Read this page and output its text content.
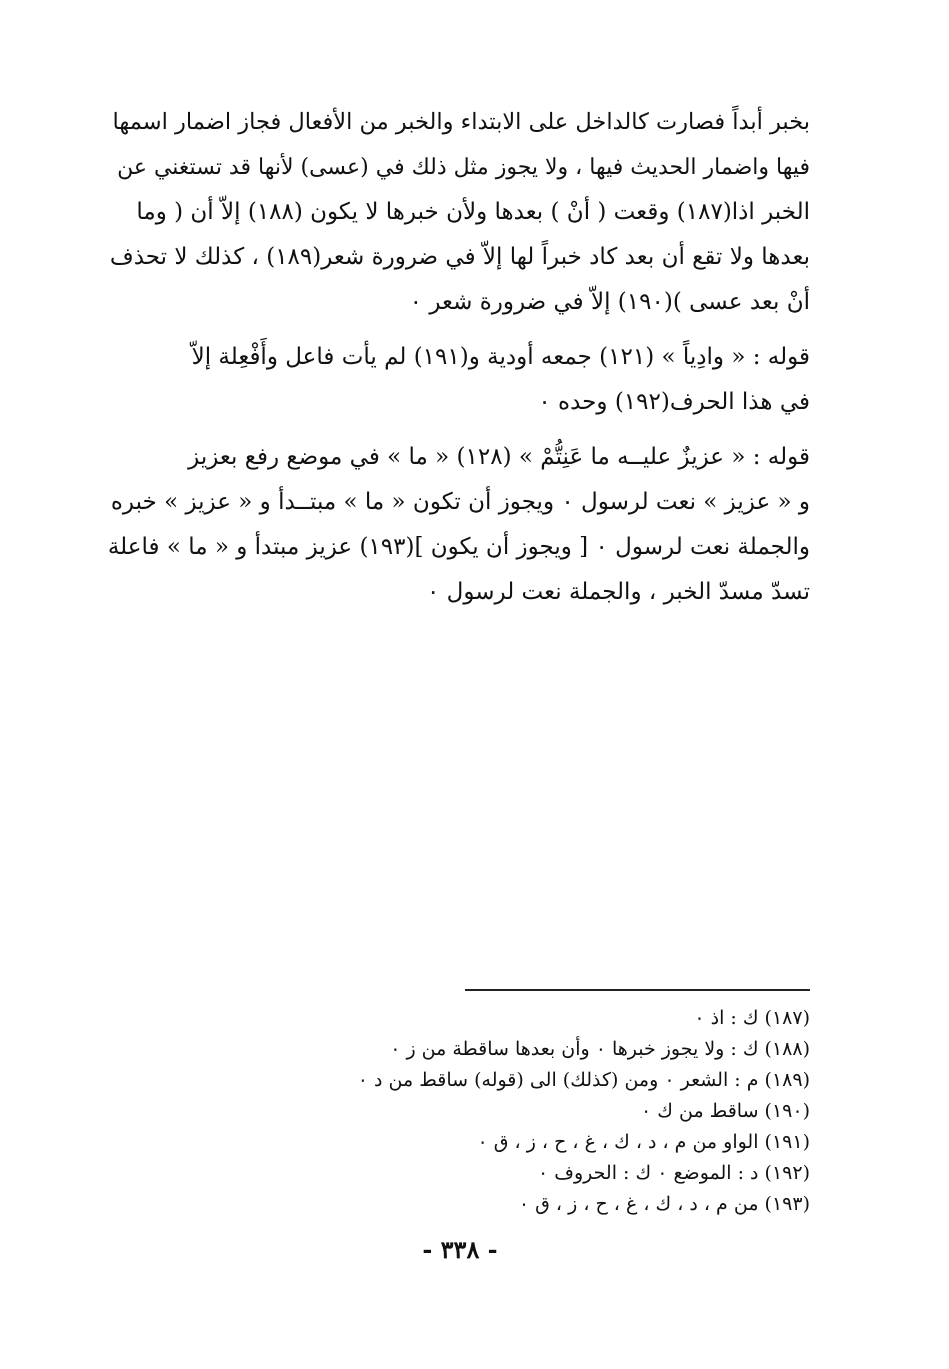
بخبر أبداً فصارت كالداخل على الابتداء والخبر من الأفعال فجاز اضمار اسمها
فيها واضمار الحديث فيها ، ولا يجوز مثل ذلك في (عسى) لأنها قد تستغني عن
الخبر اذا(١٨٧) وقعت ( أنْ ) بعدها ولأن خبرها لا يكون (١٨٨) إلاّ أن ( وما
بعدها ولا تقع أن بعد كاد خبراً لها إلاّ في ضرورة شعر(١٨٩) ، كذلك لا تحذف
أنْ بعد عسى )(١٩٠) إلاّ في ضرورة شعر ٠

قوله : « وادِياً » (١٢١) جمعه أودية و(١٩١) لم يأت فاعل وأَفْعِلة إلاّ
في هذا الحرف(١٩٢) وحده ٠

قوله : « عزيزٌ عليــه ما عَنِتُّمْ » (١٢٨) « ما » في موضع رفع بعزيز
و « عزيز » نعت لرسول ٠ ويجوز أن تكون « ما » مبتــدأ و « عزيز » خبره
والجملة نعت لرسول ٠ [ ويجوز أن يكون ](١٩٣) عزيز مبتدأ و « ما » فاعلة
تسدّ مسدّ الخبر ، والجملة نعت لرسول ٠

(١٨٧) ك : اذ ٠
(١٨٨) ك : ولا يجوز خبرها ٠ وأن بعدها ساقطة من ز ٠
(١٨٩) م : الشعر ٠ ومن (كذلك) الى (قوله) ساقط من د ٠
(١٩٠) ساقط من ك ٠
(١٩١) الواو من م ، د ، ك ، غ ، ح ، ز ، ق ٠
(١٩٢) د : الموضع ٠ ك : الحروف ٠
(١٩٣) من م ، د ، ك ، غ ، ح ، ز ، ق ٠
- ٣٣٨ -
